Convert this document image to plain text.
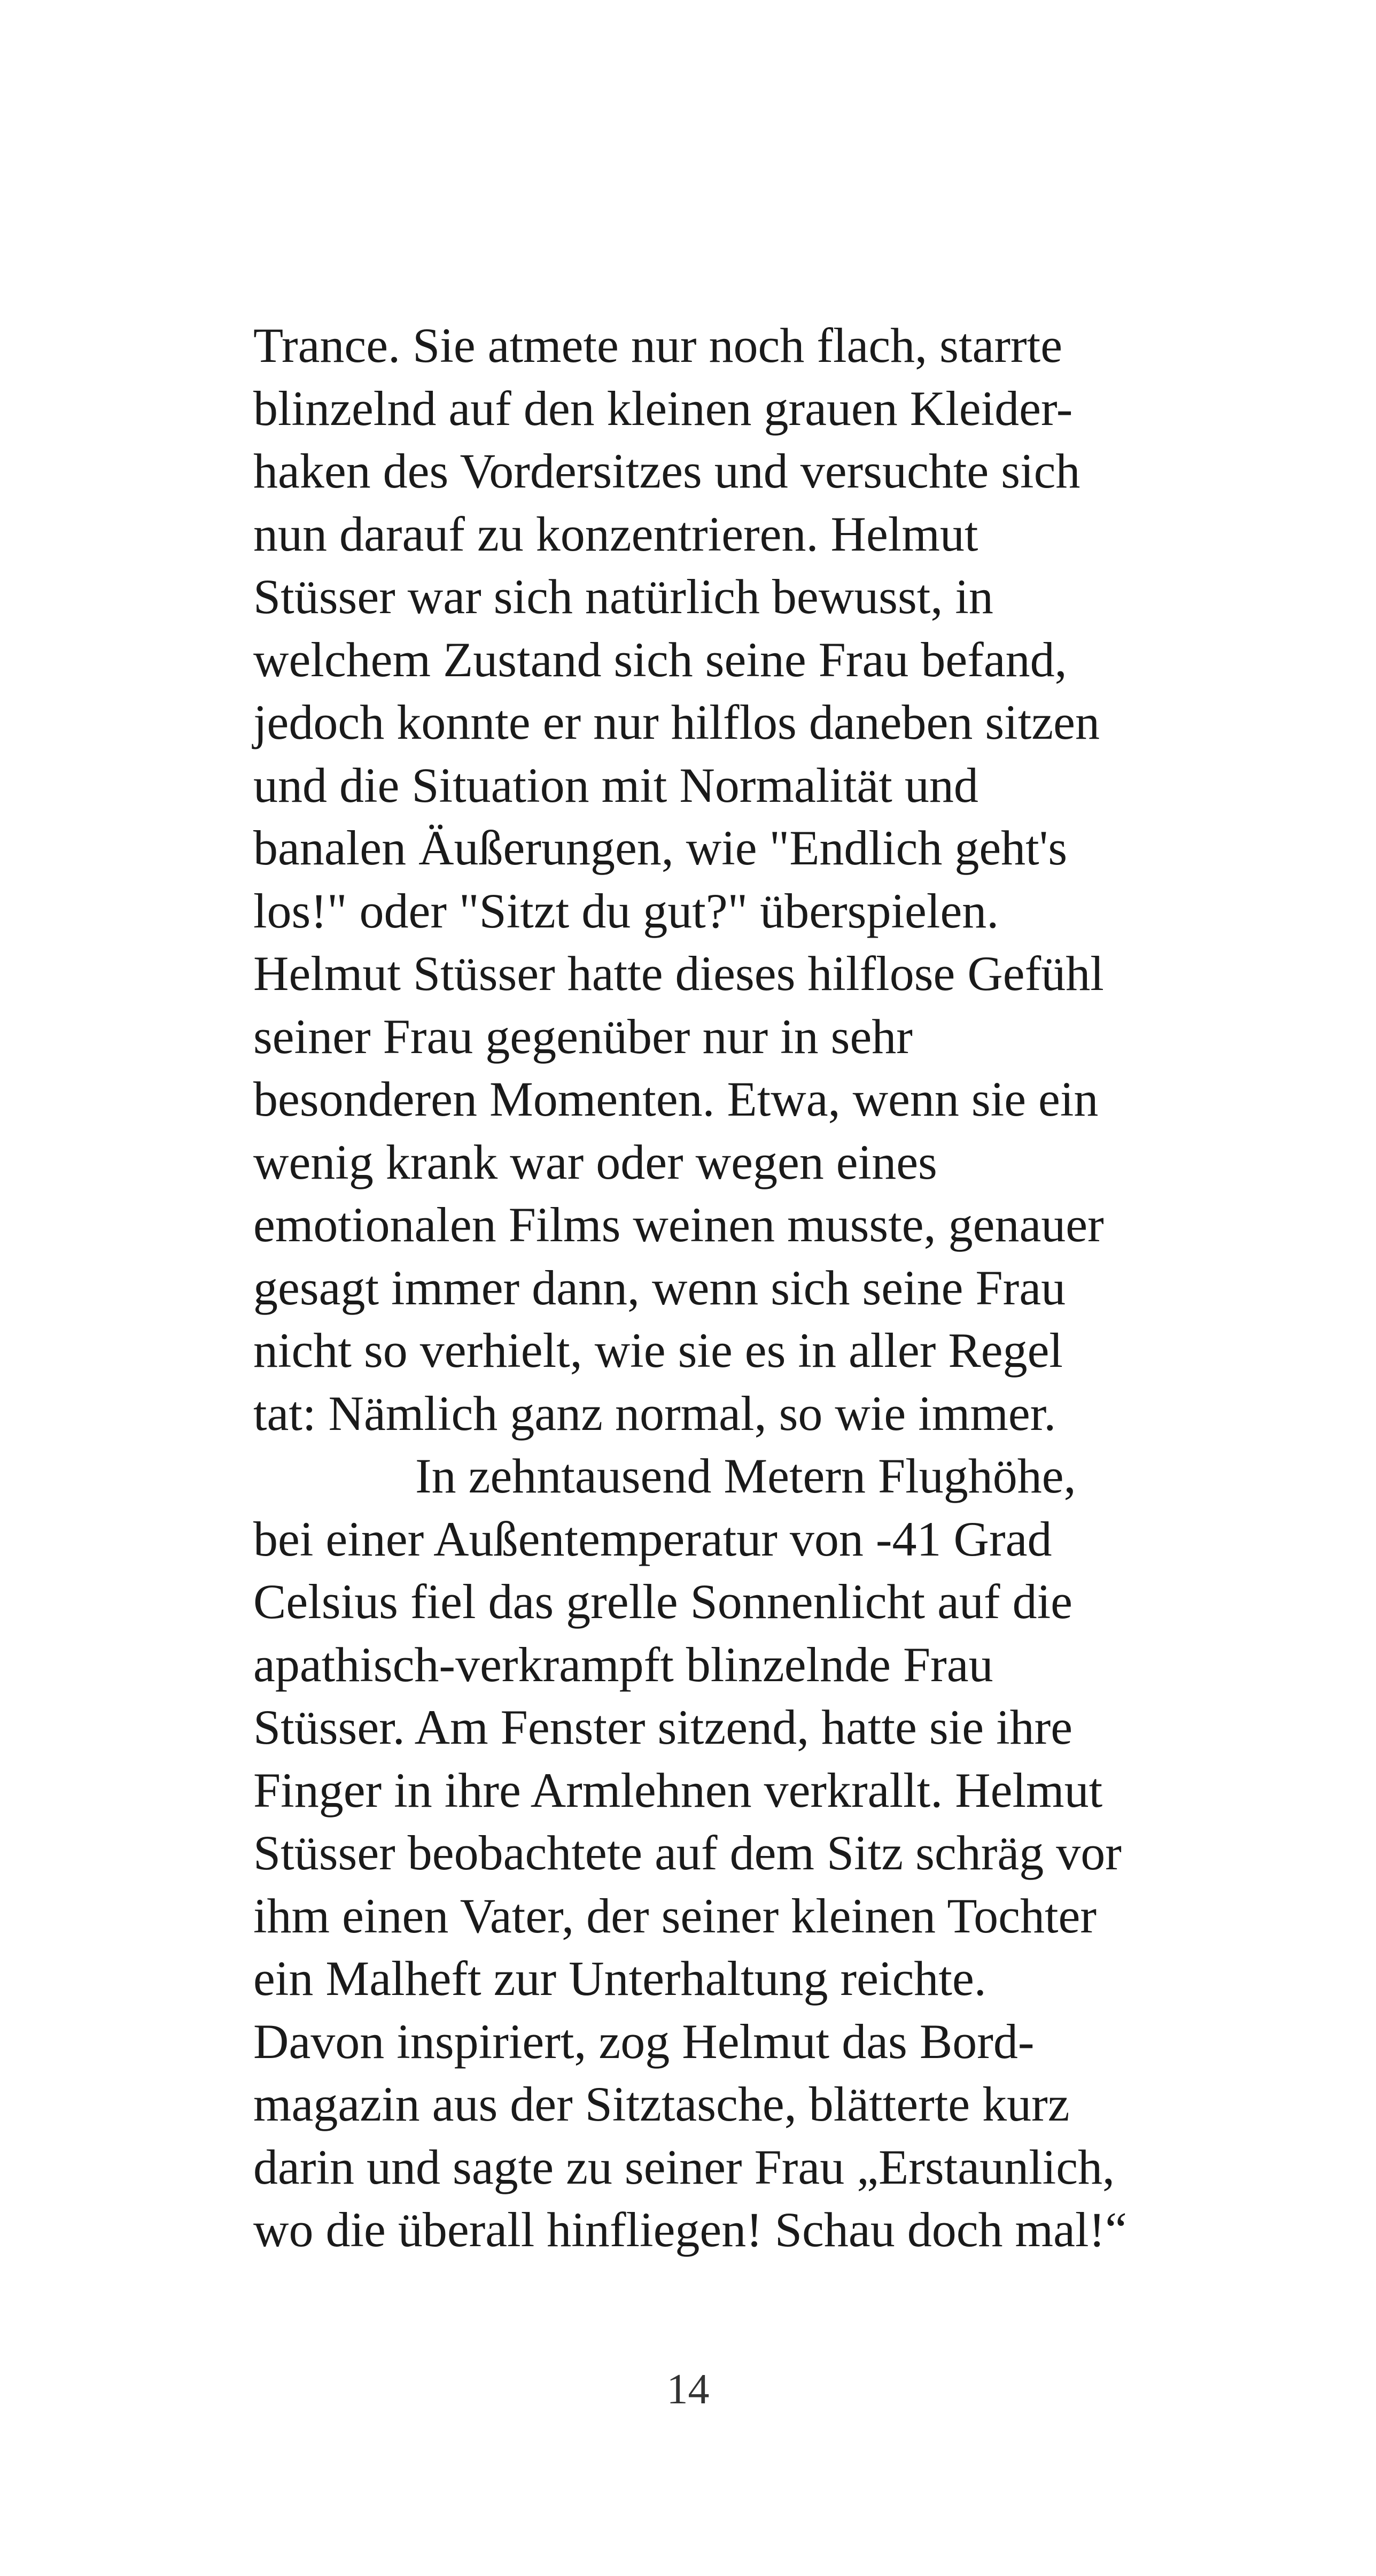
Trance. Sie atmete nur noch flach, starrte
blinzelnd auf den kleinen grauen Kleider-
haken des Vordersitzes und versuchte sich
nun darauf zu konzentrieren. Helmut
Stüsser war sich natürlich bewusst, in
welchem Zustand sich seine Frau befand,
jedoch konnte er nur hilflos daneben sitzen
und die Situation mit Normalität und
banalen Äußerungen, wie "Endlich geht's
los!" oder "Sitzt du gut?" überspielen.
Helmut Stüsser hatte dieses hilflose Gefühl
seiner Frau gegenüber nur in sehr
besonderen Momenten. Etwa, wenn sie ein
wenig krank war oder wegen eines
emotionalen Films weinen musste, genauer
gesagt immer dann, wenn sich seine Frau
nicht so verhielt, wie sie es in aller Regel
tat: Nämlich ganz normal, so wie immer.
In zehntausend Metern Flughöhe,
bei einer Außentemperatur von -41 Grad
Celsius fiel das grelle Sonnenlicht auf die
apathisch-verkrampft blinzelnde Frau
Stüsser. Am Fenster sitzend, hatte sie ihre
Finger in ihre Armlehnen verkrallt. Helmut
Stüsser beobachtete auf dem Sitz schräg vor
ihm einen Vater, der seiner kleinen Tochter
ein Malheft zur Unterhaltung reichte.
Davon inspiriert, zog Helmut das Bord-
magazin aus der Sitztasche, blätterte kurz
darin und sagte zu seiner Frau „Erstaunlich,
wo die überall hinfliegen! Schau doch mal!“
14
